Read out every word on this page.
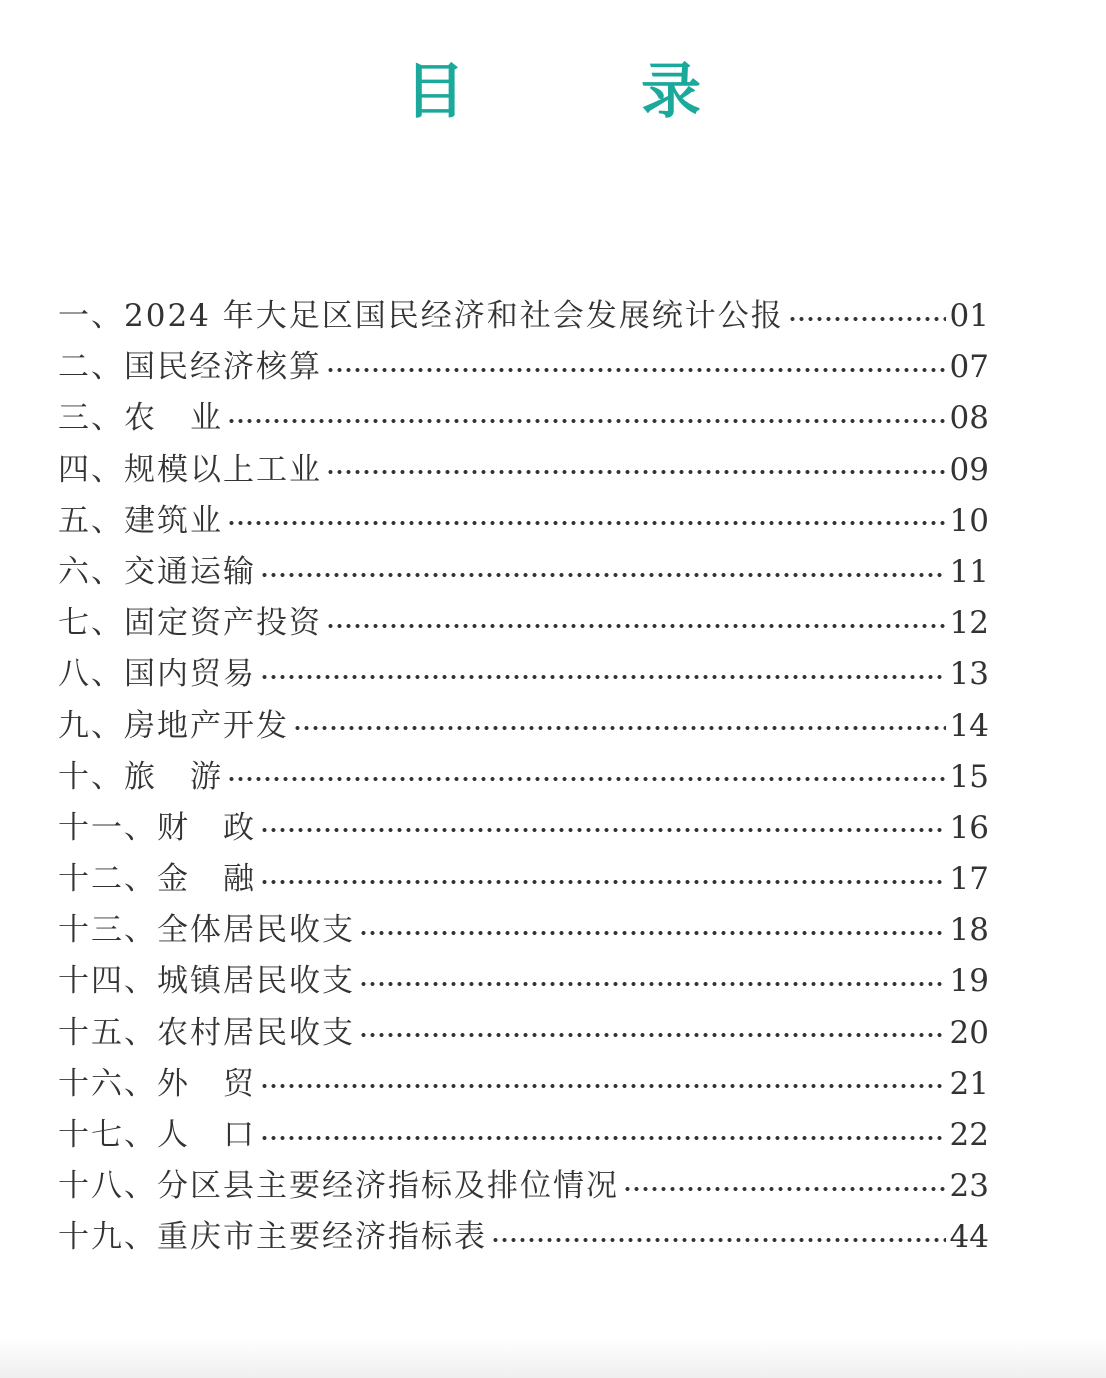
目　录
一、2024 年大足区国民经济和社会发展统计公报	01
二、国民经济核算	07
三、农　业	08
四、规模以上工业	09
五、建筑业	10
六、交通运输	11
七、固定资产投资	12
八、国内贸易	13
九、房地产开发	14
十、旅　游	15
十一、财　政	16
十二、金　融	17
十三、全体居民收支	18
十四、城镇居民收支	19
十五、农村居民收支	20
十六、外　贸	21
十七、人　口	22
十八、分区县主要经济指标及排位情况	23
十九、重庆市主要经济指标表	44
